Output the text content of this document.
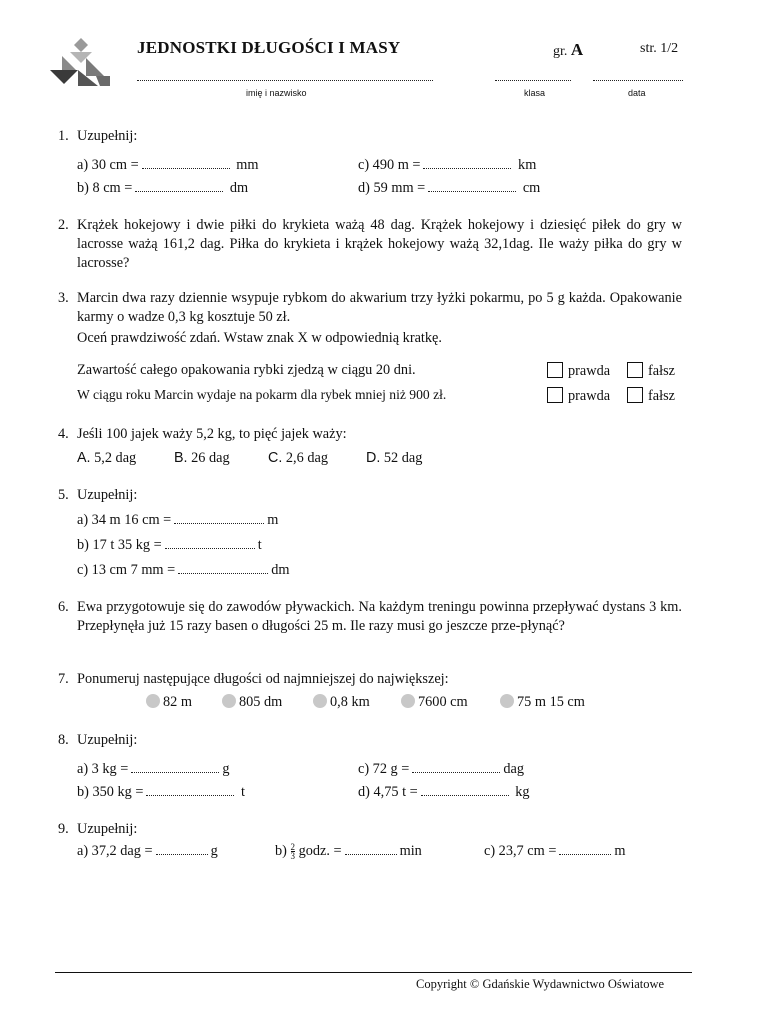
JEDNOSTKI DŁUGOŚCI I MASY	gr. A	str. 1/2
imię i nazwisko	klasa	data
1. Uzupełnij:
a) 30 cm =	mm	c) 490 m =	km
b) 8 cm =	dm	d) 59 mm =	cm
2. Krążek hokejowy i dwie piłki do krykieta ważą 48 dag. Krążek hokejowy i dziesięć piłek do gry w lacrosse ważą 161,2 dag. Piłka do krykieta i krążek hokejowy ważą 32,1dag. Ile waży piłka do gry w lacrosse?
3. Marcin dwa razy dziennie wsypuje rybkom do akwarium trzy łyżki pokarmu, po 5 g każda. Opakowanie karmy o wadze 0,3 kg kosztuje 50 zł.
Oceń prawdziwość zdań. Wstaw znak X w odpowiednią kratkę.
Zawartość całego opakowania rybki zjedzą w ciągu 20 dni.	prawda	fałsz
W ciągu roku Marcin wydaje na pokarm dla rybek mniej niż 900 zł.	prawda	fałsz
4. Jeśli 100 jajek waży 5,2 kg, to pięć jajek waży:
A. 5,2 dag	B. 26 dag	C. 2,6 dag	D. 52 dag
5. Uzupełnij:
a) 34 m 16 cm =	m
b) 17 t 35 kg =	t
c) 13 cm 7 mm =	dm
6. Ewa przygotowuje się do zawodów pływackich. Na każdym treningu powinna przepływać dystans 3 km. Przepłynęła już 15 razy basen o długości 25 m. Ile razy musi go jeszcze prze-płynąć?
7. Ponumeruj następujące długości od najmniejszej do największej:
82 m	805 dm	0,8 km	7600 cm	75 m 15 cm
8. Uzupełnij:
a) 3 kg =	g	c) 72 g =	dag
b) 350 kg =	t	d) 4,75 t =	kg
9. Uzupełnij:
a) 37,2 dag =	g	$b) \frac{2}{3}$ godz. =	min	c) 23,7 cm =	m
Copyright © Gdańskie Wydawnictwo Oświatowe
